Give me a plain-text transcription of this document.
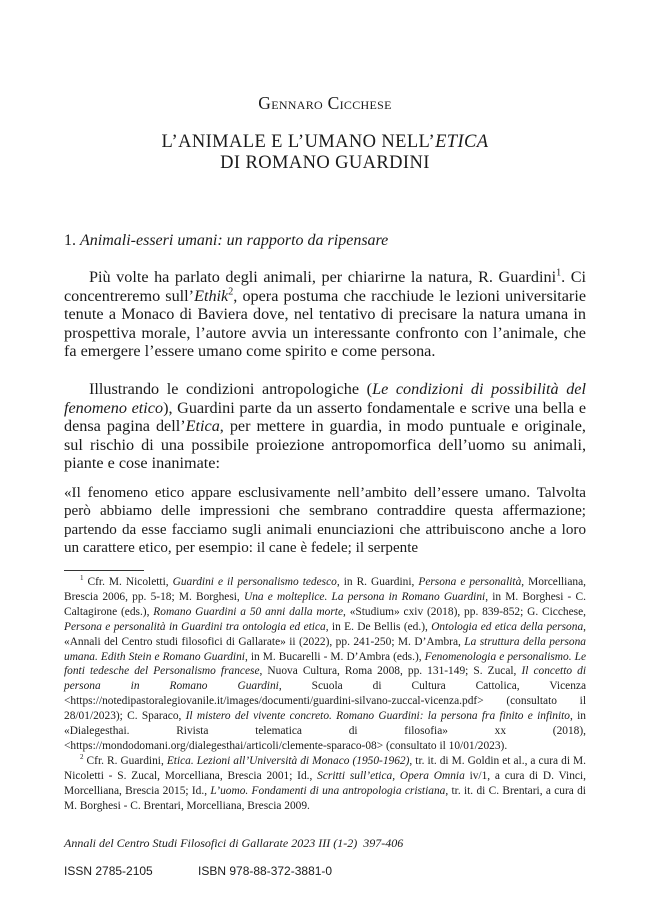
Gennaro Cicchese
L’ANIMALE E L’UMANO NELL’ETICA
DI ROMANO GUARDINI
1. Animali-esseri umani: un rapporto da ripensare
Più volte ha parlato degli animali, per chiarirne la natura, R. Guardini$^1$. Ci concentreremo sull’Ethik$^2$, opera postuma che racchiude le lezioni universitarie tenute a Monaco di Baviera dove, nel tentativo di precisare la natura umana in prospettiva morale, l’autore avvia un interessante confronto con l’animale, che fa emergere l’essere umano come spirito e come persona.
Illustrando le condizioni antropologiche (Le condizioni di possibilità del fenomeno etico), Guardini parte da un asserto fondamentale e scrive una bella e densa pagina dell’Etica, per mettere in guardia, in modo puntuale e originale, sul rischio di una possibile proiezione antropomorfica dell’uomo su animali, piante e cose inanimate:
«Il fenomeno etico appare esclusivamente nell’ambito dell’essere umano. Talvolta però abbiamo delle impressioni che sembrano contraddire questa affermazione; partendo da esse facciamo sugli animali enunciazioni che attribuiscono anche a loro un carattere etico, per esempio: il cane è fedele; il serpente

$^1$ Cfr. M. Nicoletti, Guardini e il personalismo tedesco, in R. Guardini, Persona e personalità, Morcelliana, Brescia 2006, pp. 5-18; M. Borghesi, Una e molteplice. La persona in Romano Guardini, in M. Borghesi - C. Caltagirone (eds.), Romano Guardini a 50 anni dalla morte, «Studium» cxiv (2018), pp. 839-852; G. Cicchese, Persona e personalità in Guardini tra ontologia ed etica, in E. De Bellis (ed.), Ontologia ed etica della persona, «Annali del Centro studi filosofici di Gallarate» ii (2022), pp. 241-250; M. D’Ambra, La struttura della persona umana. Edith Stein e Romano Guardini, in M. Bucarelli - M. D’Ambra (eds.), Fenomenologia e personalismo. Le fonti tedesche del Personalismo francese, Nuova Cultura, Roma 2008, pp. 131-149; S. Zucal, Il concetto di persona in Romano Guardini, Scuola di Cultura Cattolica, Vicenza <https://notedipastoralegiovanile.it/images/documenti/guardini-silvano-zuccal-vicenza.pdf> (consultato il 28/01/2023); C. Sparaco, Il mistero del vivente concreto. Romano Guardini: la persona fra finito e infinito, in «Dialegesthai. Rivista telematica di filosofia» xx (2018), <https://mondodomani.org/dialegesthai/articoli/clemente-sparaco-08> (consultato il 10/01/2023).

$^2$ Cfr. R. Guardini, Etica. Lezioni all’Università di Monaco (1950-1962), tr. it. di M. Goldin et al., a cura di M. Nicoletti - S. Zucal, Morcelliana, Brescia 2001; Id., Scritti sull’etica, Opera Omnia iv/1, a cura di D. Vinci, Morcelliana, Brescia 2015; Id., L’uomo. Fondamenti di una antropologia cristiana, tr. it. di C. Brentari, a cura di M. Borghesi - C. Brentari, Morcelliana, Brescia 2009.

Annali del Centro Studi Filosofici di Gallarate 2023 III (1-2) 397-406
ISSN 2785-2105	ISBN 978-88-372-3881-0
